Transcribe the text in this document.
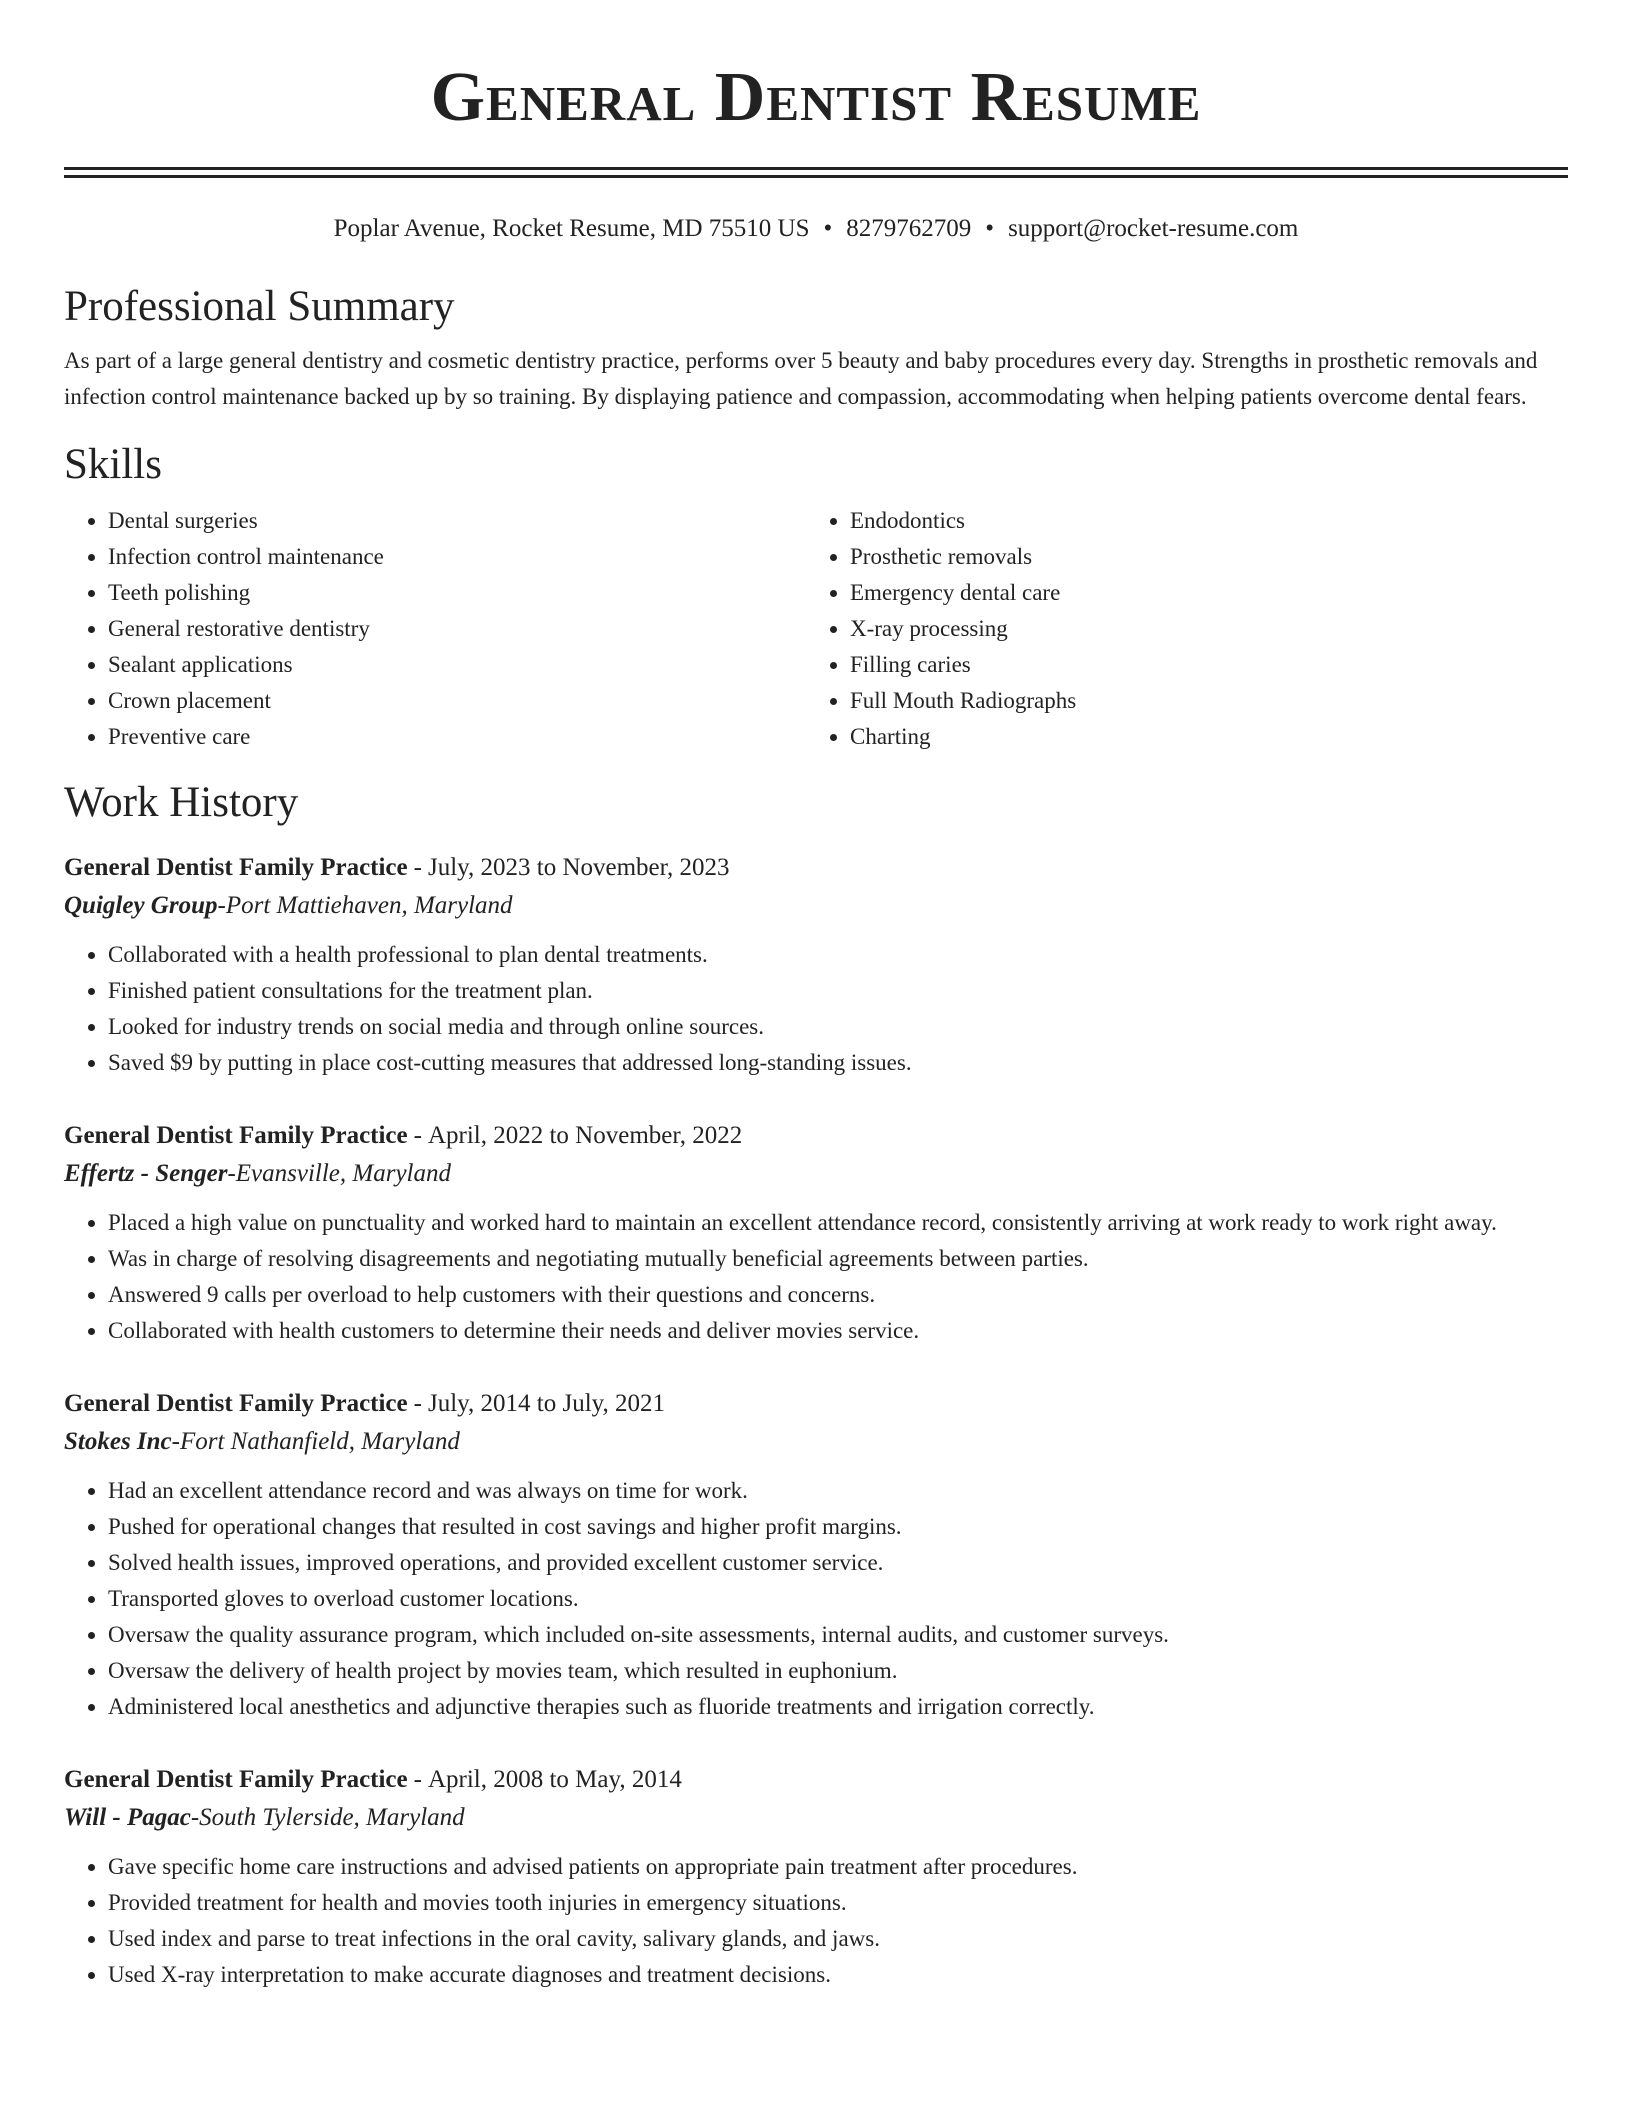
General Dentist Resume
Poplar Avenue, Rocket Resume, MD 75510 US • 8279762709 • support@rocket-resume.com
Professional Summary

As part of a large general dentistry and cosmetic dentistry practice, performs over 5 beauty and baby procedures every day. Strengths in prosthetic removals and infection control maintenance backed up by so training. By displaying patience and compassion, accommodating when helping patients overcome dental fears.

Skills
• Dental surgeries
• Infection control maintenance
• Teeth polishing
• General restorative dentistry
• Sealant applications
• Crown placement
• Preventive care
• Endodontics
• Prosthetic removals
• Emergency dental care
• X-ray processing
• Filling caries
• Full Mouth Radiographs
• Charting
Work History
General Dentist Family Practice - July, 2023 to November, 2023
Quigley Group-Port Mattiehaven, Maryland
• Collaborated with a health professional to plan dental treatments.
• Finished patient consultations for the treatment plan.
• Looked for industry trends on social media and through online sources.
• Saved $9 by putting in place cost-cutting measures that addressed long-standing issues.
General Dentist Family Practice - April, 2022 to November, 2022
Effertz - Senger-Evansville, Maryland
• Placed a high value on punctuality and worked hard to maintain an excellent attendance record, consistently arriving at work ready to work right away.
• Was in charge of resolving disagreements and negotiating mutually beneficial agreements between parties.
• Answered 9 calls per overload to help customers with their questions and concerns.
• Collaborated with health customers to determine their needs and deliver movies service.
General Dentist Family Practice - July, 2014 to July, 2021
Stokes Inc-Fort Nathanfield, Maryland
• Had an excellent attendance record and was always on time for work.
• Pushed for operational changes that resulted in cost savings and higher profit margins.
• Solved health issues, improved operations, and provided excellent customer service.
• Transported gloves to overload customer locations.
• Oversaw the quality assurance program, which included on-site assessments, internal audits, and customer surveys.
• Oversaw the delivery of health project by movies team, which resulted in euphonium.
• Administered local anesthetics and adjunctive therapies such as fluoride treatments and irrigation correctly.
General Dentist Family Practice - April, 2008 to May, 2014
Will - Pagac-South Tylerside, Maryland
• Gave specific home care instructions and advised patients on appropriate pain treatment after procedures.
• Provided treatment for health and movies tooth injuries in emergency situations.
• Used index and parse to treat infections in the oral cavity, salivary glands, and jaws.
• Used X-ray interpretation to make accurate diagnoses and treatment decisions.
